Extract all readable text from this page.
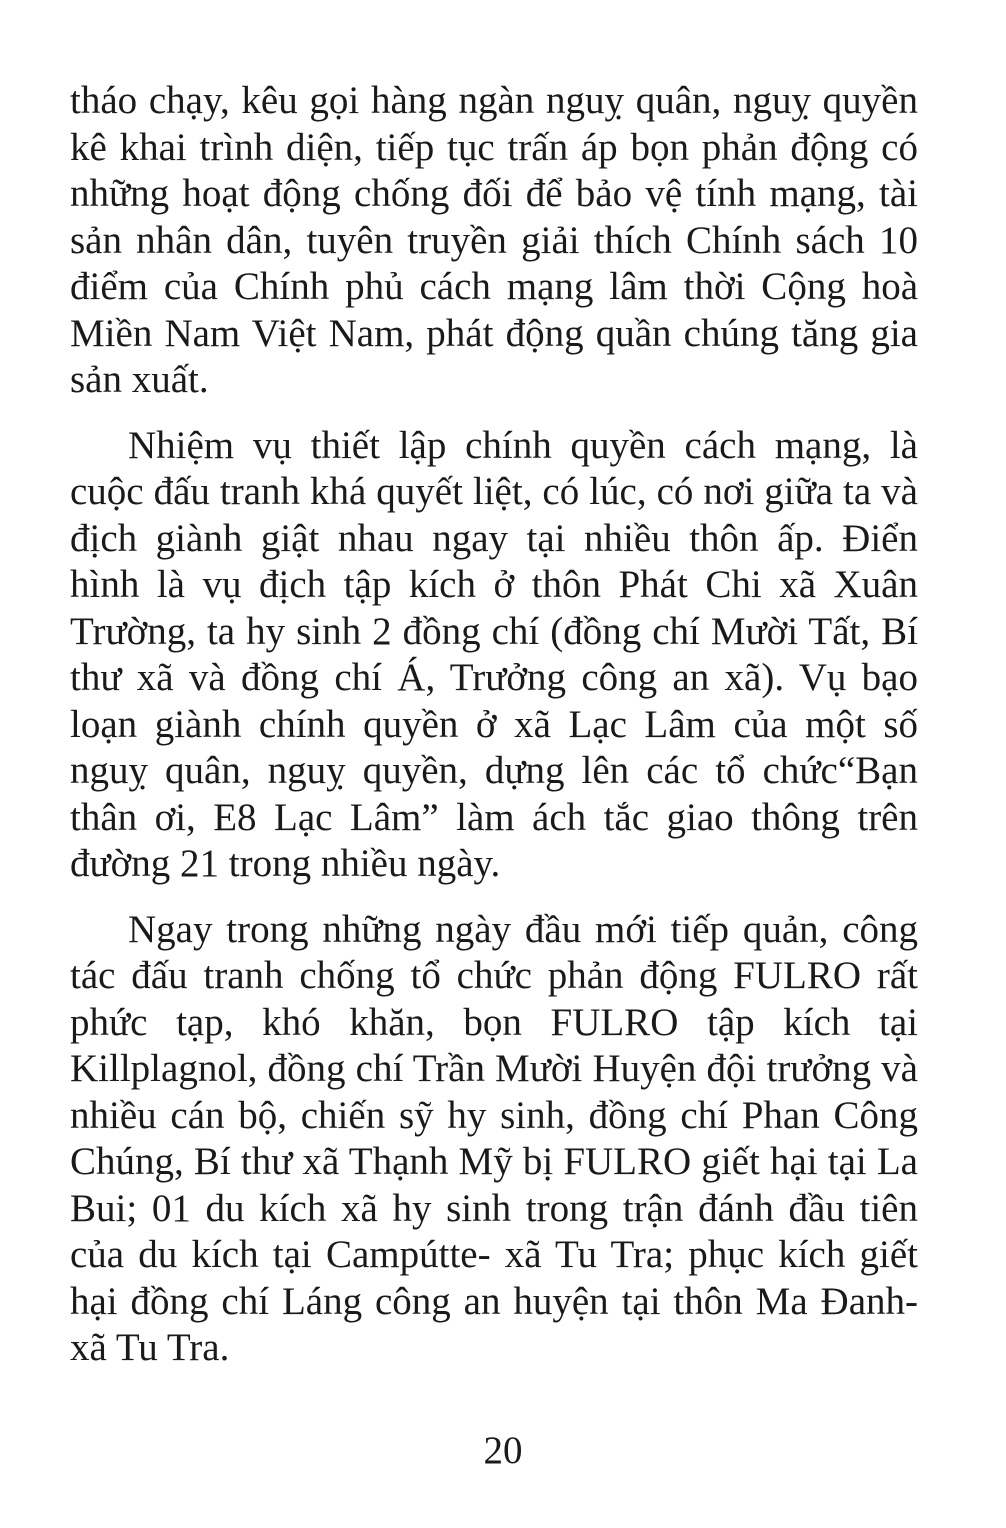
tháo chạy, kêu gọi hàng ngàn nguỵ quân, nguỵ quyền kê khai trình diện, tiếp tục trấn áp bọn phản động có những hoạt động chống đối để bảo vệ tính mạng, tài sản nhân dân, tuyên truyền giải thích Chính sách 10 điểm của Chính phủ cách mạng lâm thời Cộng hoà Miền Nam Việt Nam, phát động quần chúng tăng gia sản xuất.

Nhiệm vụ thiết lập chính quyền cách mạng, là cuộc đấu tranh khá quyết liệt, có lúc, có nơi giữa ta và địch giành giật nhau ngay tại nhiều thôn ấp. Điển hình là vụ địch tập kích ở thôn Phát Chi xã Xuân Trường, ta hy sinh 2 đồng chí (đồng chí Mười Tất, Bí thư xã và đồng chí Á, Trưởng công an xã). Vụ bạo loạn giành chính quyền ở xã Lạc Lâm của một số nguỵ quân, nguỵ quyền, dựng lên các tổ chức“Bạn thân ơi, E8 Lạc Lâm” làm ách tắc giao thông trên đường 21 trong nhiều ngày.

Ngay trong những ngày đầu mới tiếp quản, công tác đấu tranh chống tổ chức phản động FULRO rất phức tạp, khó khăn, bọn FULRO tập kích tại Killplagnol, đồng chí Trần Mười Huyện đội trưởng và nhiều cán bộ, chiến sỹ hy sinh, đồng chí Phan Công Chúng, Bí thư xã Thạnh Mỹ bị FULRO giết hại tại La Bui; 01 du kích xã hy sinh trong trận đánh đầu tiên của du kích tại Campútte- xã Tu Tra; phục kích giết hại đồng chí Láng công an huyện tại thôn Ma Đanh- xã Tu Tra.

20
